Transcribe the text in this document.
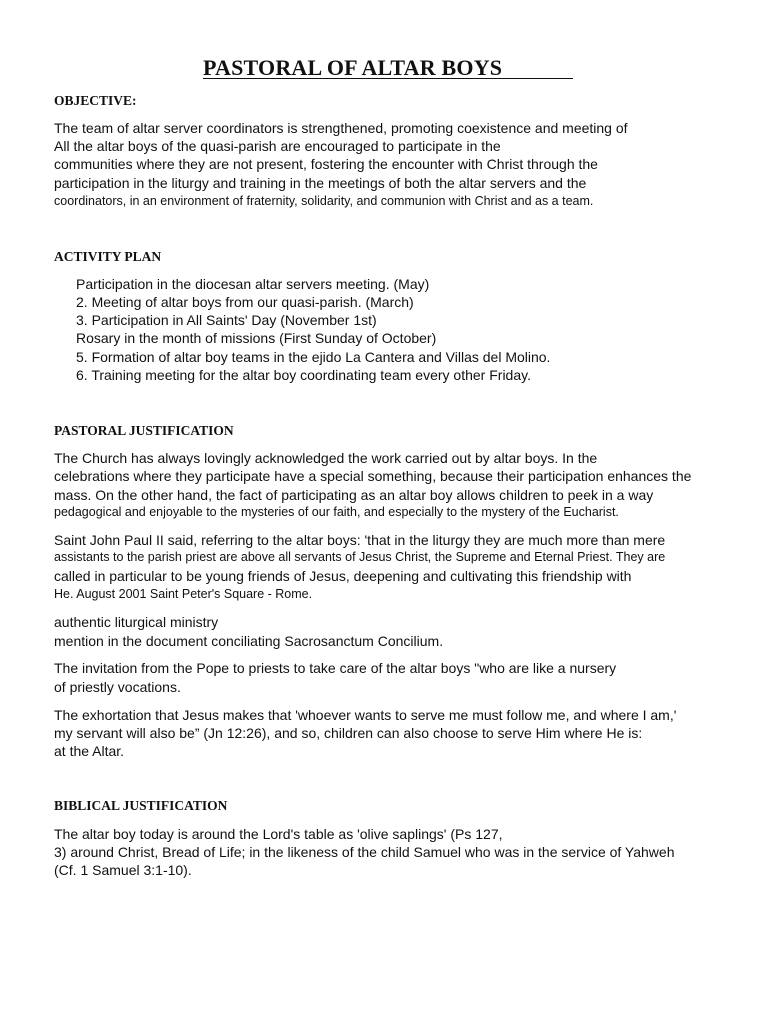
PASTORAL OF ALTAR BOYS
OBJECTIVE:
The team of altar server coordinators is strengthened, promoting coexistence and meeting of
All the altar boys of the quasi-parish are encouraged to participate in the
communities where they are not present, fostering the encounter with Christ through the
participation in the liturgy and training in the meetings of both the altar servers and the
coordinators, in an environment of fraternity, solidarity, and communion with Christ and as a team.
ACTIVITY PLAN
Participation in the diocesan altar servers meeting. (May)
2. Meeting of altar boys from our quasi-parish. (March)
3. Participation in All Saints' Day (November 1st)
Rosary in the month of missions (First Sunday of October)
5. Formation of altar boy teams in the ejido La Cantera and Villas del Molino.
6. Training meeting for the altar boy coordinating team every other Friday.
PASTORAL JUSTIFICATION
The Church has always lovingly acknowledged the work carried out by altar boys. In the
celebrations where they participate have a special something, because their participation enhances the
mass. On the other hand, the fact of participating as an altar boy allows children to peek in a way
pedagogical and enjoyable to the mysteries of our faith, and especially to the mystery of the Eucharist.
Saint John Paul II said, referring to the altar boys: 'that in the liturgy they are much more than mere
assistants to the parish priest are above all servants of Jesus Christ, the Supreme and Eternal Priest. They are
called in particular to be young friends of Jesus, deepening and cultivating this friendship with
He. August 2001 Saint Peter's Square - Rome.
authentic liturgical ministry
mention in the document conciliating Sacrosanctum Concilium.
The invitation from the Pope to priests to take care of the altar boys "who are like a nursery
of priestly vocations.
The exhortation that Jesus makes that 'whoever wants to serve me must follow me, and where I am,'
my servant will also be” (Jn 12:26), and so, children can also choose to serve Him where He is:
at the Altar.
BIBLICAL JUSTIFICATION
The altar boy today is around the Lord's table as 'olive saplings' (Ps 127,
3) around Christ, Bread of Life; in the likeness of the child Samuel who was in the service of Yahweh
(Cf. 1 Samuel 3:1-10).
